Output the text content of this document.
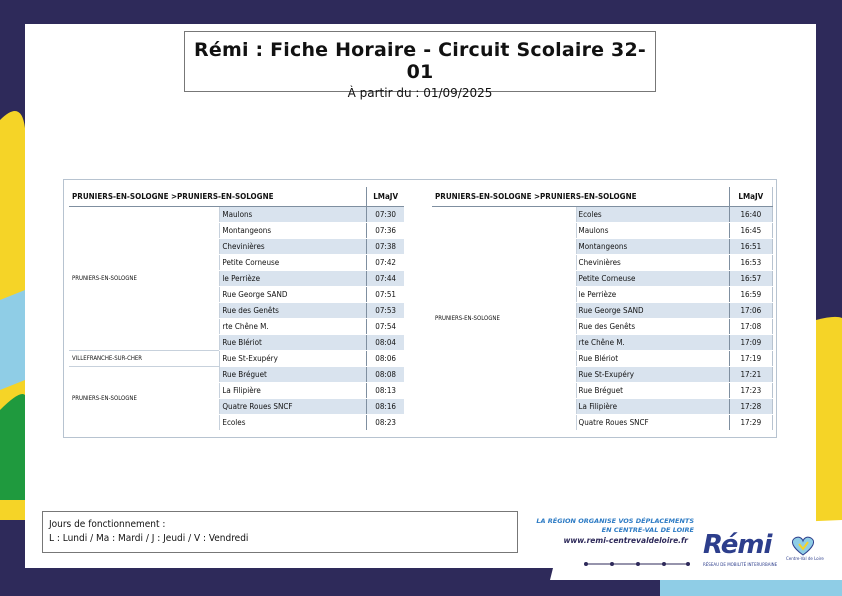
Rémi : Fiche Horaire - Circuit Scolaire 32-01
À partir du : 01/09/2025
PRUNIERS-EN-SOLOGNE >PRUNIERS-EN-SOLOGNE		LMaJV
PRUNIERS-EN-SOLOGNE	Maulons	07:30
	Montangeons	07:36
	Chevinières	07:38
	Petite Corneuse	07:42
	le Perrièze	07:44
	Rue George SAND	07:51
	Rue des Genêts	07:53
	rte Chêne M.	07:54
	Rue Blériot	08:04
VILLEFRANCHE-SUR-CHER	Rue St-Exupéry	08:06
PRUNIERS-EN-SOLOGNE	Rue Bréguet	08:08
	La Filipière	08:13
	Quatre Roues SNCF	08:16
	Ecoles	08:23
PRUNIERS-EN-SOLOGNE >PRUNIERS-EN-SOLOGNE		LMaJV
PRUNIERS-EN-SOLOGNE	Ecoles	16:40
	Maulons	16:45
	Montangeons	16:51
	Chevinières	16:53
	Petite Corneuse	16:57
	le Perrièze	16:59
	Rue George SAND	17:06
	Rue des Genêts	17:08
	rte Chêne M.	17:09
	Rue Blériot	17:19
	Rue St-Exupéry	17:21
	Rue Bréguet	17:23
	La Filipière	17:28
	Quatre Roues SNCF	17:29
Jours de fonctionnement :
L : Lundi / Ma : Mardi / J : Jeudi / V : Vendredi
LA RÉGION ORGANISE VOS DÉPLACEMENTS
EN CENTRE-VAL DE LOIRE
www.remi-centrevaldeloire.fr Rémi
RÉSEAU DE MOBILITÉ INTERURBAINE
Centre-Val de Loire
